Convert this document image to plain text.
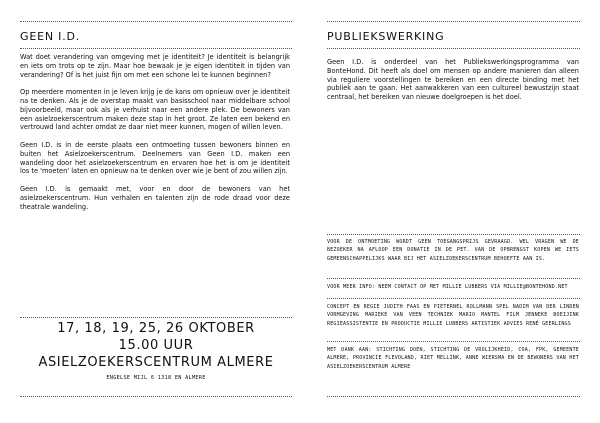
GEEN I.D.

Wat doet verandering van omgeving met je identiteit? Je identiteit is belangrijk en iets om trots op te zijn. Maar hoe bewaak je je eigen identiteit in tijden van verandering? Of is het juist fijn om met een schone lei te kunnen beginnen?

Op meerdere momenten in je leven krijg je de kans om opnieuw over je identiteit na te denken. Als je de overstap maakt van basisschool naar middelbare school bijvoorbeeld, maar ook als je verhuist naar een andere plek. De bewoners van een asielzoekerscentrum maken deze stap in het groot. Ze laten een bekend en vertrouwd land achter omdat ze daar niet meer kunnen, mogen of willen leven.

Geen I.D. is in de eerste plaats een ontmoeting tussen bewoners binnen en buiten het Asielzoekerscentrum. Deelnemers van Geen I.D. maken een wandeling door het asielzoekerscentrum en ervaren hoe het is om je identiteit los te 'moeten' laten en opnieuw na te denken over wie je bent of zou willen zijn.

Geen I.D. is gemaakt met, voor en door de bewoners van het asielzoekerscentrum. Hun verhalen en talenten zijn de rode draad voor deze theatrale wandeling.

17, 18, 19, 25, 26 OKTOBER
15.00 UUR
ASIELZOEKERSCENTRUM ALMERE
ENGELSE MIJL 6 1318 EN ALMERE
PUBLIEKSWERKING

Geen I.D. is onderdeel van het Publiekswerkingsprogramma van BonteHond. Dit heeft als doel om mensen op andere manieren dan alleen via reguliere voorstellingen te bereiken en een directe binding met het publiek aan te gaan. Het aanwakkeren van een cultureel bewustzijn staat centraal, het bereiken van nieuwe doelgroepen is het doel.

VOOR DE ONTMOETING WORDT GEEN TOEGANGSPRIJS GEVRAAGD. WEL VRAGEN WE DE BEZOEKER NA AFLOOP EEN DONATIE IN DE PET. VAN DE OPBRENGST KOPEN WE IETS GEMEENSCHAPPELIJKS WAAR BIJ HET ASIELZOEKERSCENTRUM BEHOEFTE AAN IS.

VOOR MEER INFO: NEEM CONTACT OP MET MILLIE LUBBERS VIA MILLIE@BONTEHOND.NET

CONCEPT EN REGIE JUDITH FAAS EN PIETERNEL ROLLMANN SPEL NADIM VAN DER LINDEN VORMGEVING MARIEKE VAN VEEN TECHNIEK MARIO MANTEL FILM JENNEKE BOEIJINK REGIEASSISTENTIE EN PRODUCTIE MILLIE LUBBERS ARTISTIEK ADVIES RENÉ GEERLINGS

MET DANK AAN: STICHTING DOEN, STICHTING DE VROLIJKHEID, COA, FPK, GEMEENTE ALMERE, PROVINCIE FLEVOLAND, RIET MELLINK, ANNE WIERSMA EN DE BEWONERS VAN HET ASIELZOEKERSCENTRUM ALMERE
